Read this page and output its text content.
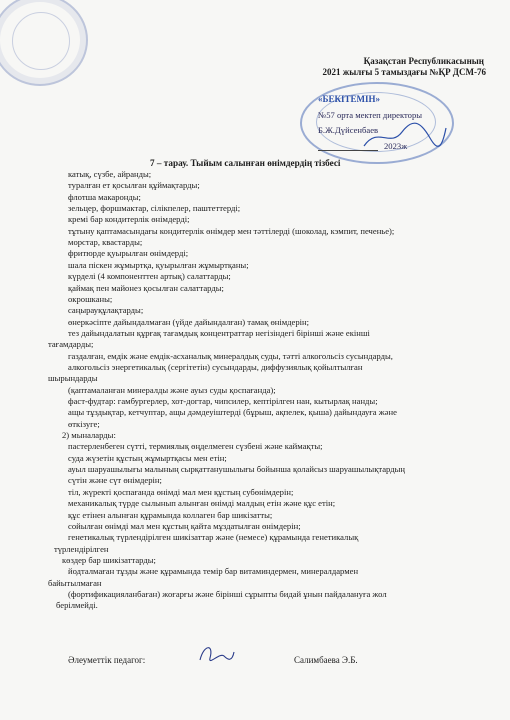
Қазақстан Республикасының
2021 жылғы 5 тамыздағы №ҚР ДСМ-76
«БЕКІТЕМІН»
№57 орта мектеп директоры
Б.Ж.Дүйсенбаев
2023ж
7 – тарау. Тыйым салынған өнімдердің тізбесі
катық, сүзбе, айранды;
туралған ет қосылған құймақтарды;
флотша макаронды;
зельцер, форшмактар, сілікпелер, паштеттерді;
кремі бар кондитерлік өнімдерді;
тұтыну қаптамасындағы кондитерлік өнімдер мен тәттілерді (шоколад, кэмпит, печенье);
морстар, квастарды;
фритюрде қуырылған өнімдерді;
шала піскен жұмыртқа, қуырылған жұмыртқаны;
күрделі (4 компоненттен артық) салаттарды;
қаймақ пен майонез қосылған салаттарды;
окрошканы;
саңырауқұлақтарды;
өнеркәсіпте дайындалмаған (үйде дайындалған) тамақ өнімдерін;
тез дайындалатын құрғақ тағамдық концентраттар негізіндегі бірінші және екінші
тағамдарды;
газдалған, емдік және емдік-асханалық минералдық суды, тәтті алкогольсіз сусындарды,
алкогольсіз энергетикалық (сергітетін) сусындарды, диффузиялық қойылтылған
шырындарды
(қаптамаланған минералды және ауыз суды қоспағанда);
фаст-фудтар: гамбургерлер, хот-догтар, чипсилер, кептірілген нан, кытырлақ нанды;
ащы тұздықтар, кетчуптар, ащы дәмдеуіштерді (бұрыш, ақпелек, қыша) дайындауға және
өткізуге;
2) мыналарды:
пастерленбеген сүтті, термиялық өңделмеген сүзбені және каймақты;
суда жүзетін құстың жұмыртқасы мен етін;
ауыл шаруашылығы малының сырқаттанушылығы бойынша қолайсыз шаруашылықтардың
сүтін және сүт өнімдерін;
тіл, жүректі қоспағанда өнімді мал мен құстың субөнімдерін;
механикалық түрде сылынып алынған өнімді малдың етін және құс етін;
құс етінен алынған құрамында коллаген бар шикізатты;
сойылған өнімді мал мен құстың қайта мұздатылған өнімдерін;
генетикалық түрлендірілген шикізаттар және (немесе) құрамында генетикалық
түрлендірілген
көздер бар шикізаттарды;
йодталмаған тұзды және құрамында темір бар витаминдермен, минералдармен
байытылмаған
(фортификацияланбаған) жоғарғы және бірінші сұрыпты бидай ұнын пайдалануға жол
берілмейді.
Әлеуметтік педагог:	Салимбаева Э.Б.
